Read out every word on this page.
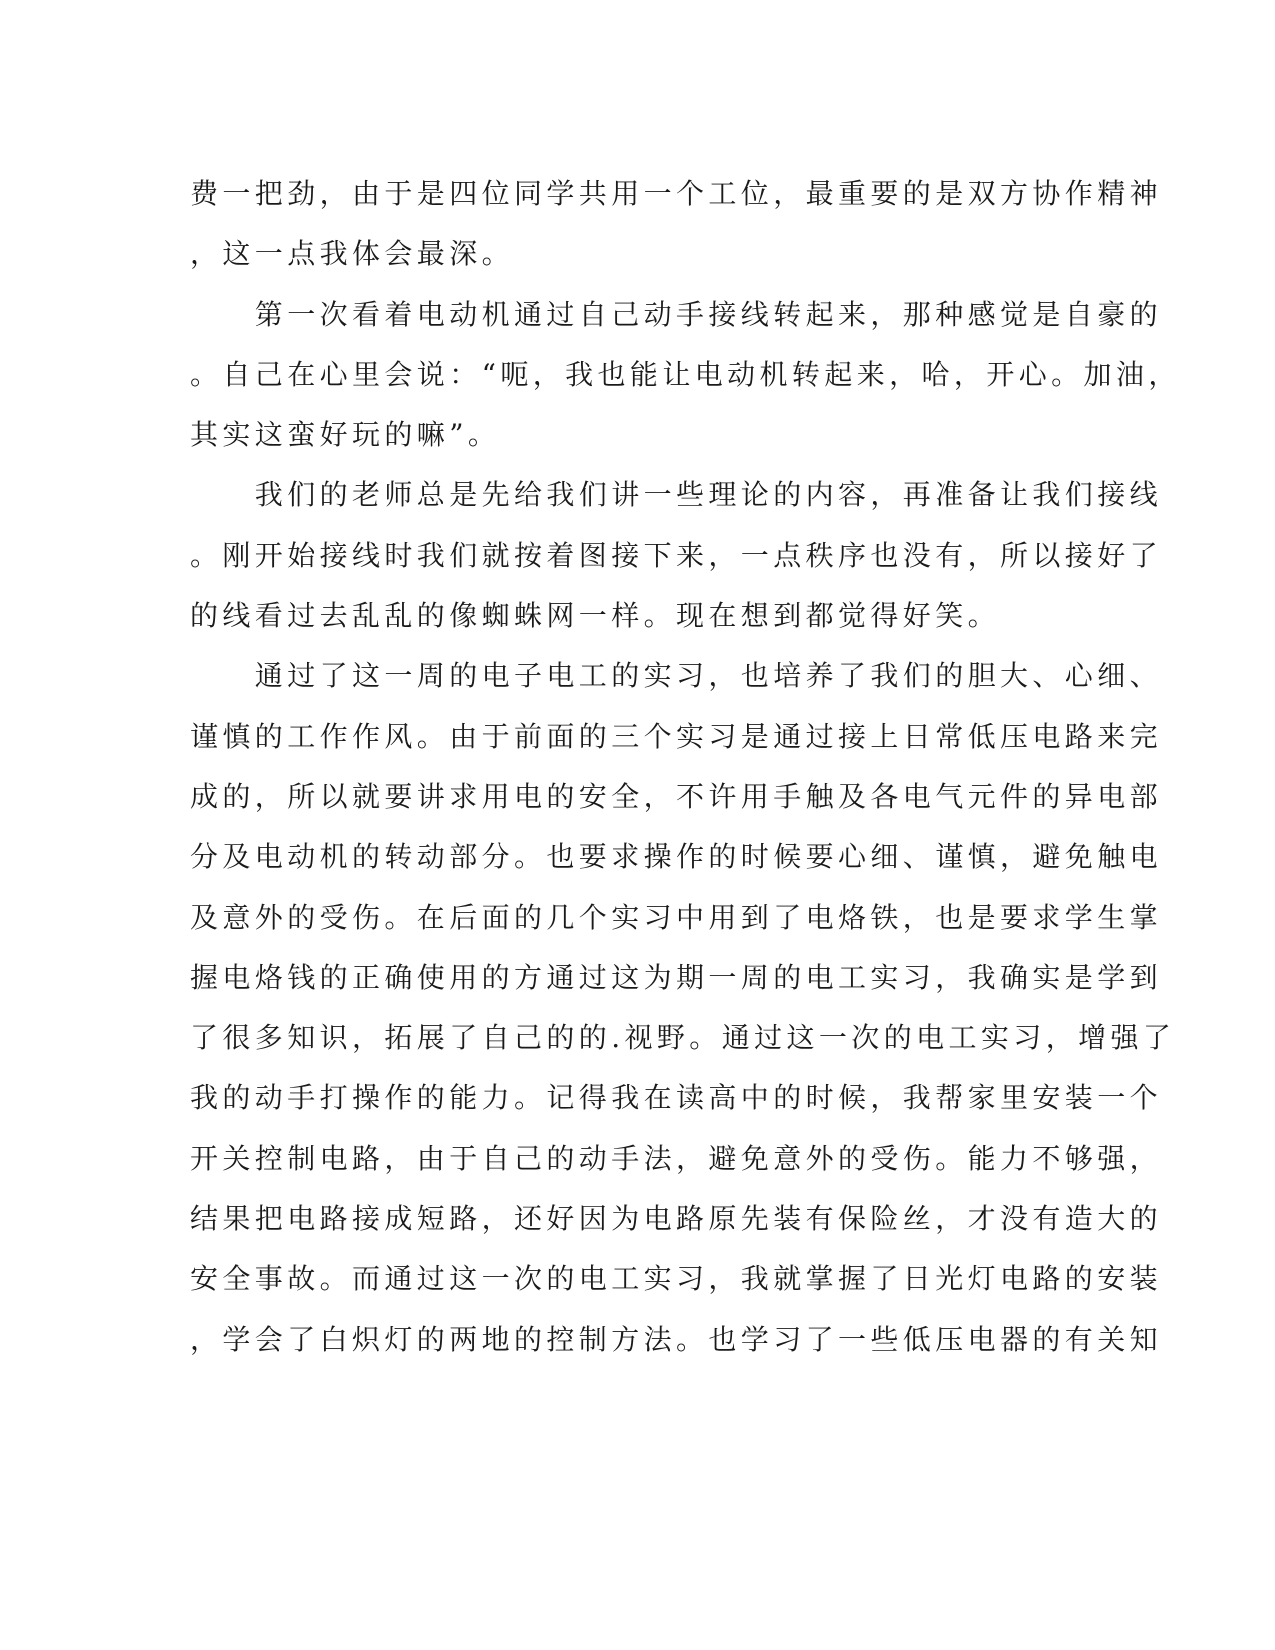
费一把劲，由于是四位同学共用一个工位，最重要的是双方协作精神
，这一点我体会最深。
　　第一次看着电动机通过自己动手接线转起来，那种感觉是自豪的
。自己在心里会说：“呃，我也能让电动机转起来，哈，开心。加油，
其实这蛮好玩的嘛”。
　　我们的老师总是先给我们讲一些理论的内容，再准备让我们接线
。刚开始接线时我们就按着图接下来，一点秩序也没有，所以接好了
的线看过去乱乱的像蜘蛛网一样。现在想到都觉得好笑。
　　通过了这一周的电子电工的实习，也培养了我们的胆大、心细、
谨慎的工作作风。由于前面的三个实习是通过接上日常低压电路来完
成的，所以就要讲求用电的安全，不许用手触及各电气元件的异电部
分及电动机的转动部分。也要求操作的时候要心细、谨慎，避免触电
及意外的受伤。在后面的几个实习中用到了电烙铁，也是要求学生掌
握电烙钱的正确使用的方通过这为期一周的电工实习，我确实是学到
了很多知识，拓展了自己的的.视野。通过这一次的电工实习，增强了
我的动手打操作的能力。记得我在读高中的时候，我帮家里安装一个
开关控制电路，由于自己的动手法，避免意外的受伤。能力不够强，
结果把电路接成短路，还好因为电路原先装有保险丝，才没有造大的
安全事故。而通过这一次的电工实习，我就掌握了日光灯电路的安装
，学会了白炽灯的两地的控制方法。也学习了一些低压电器的有关知
